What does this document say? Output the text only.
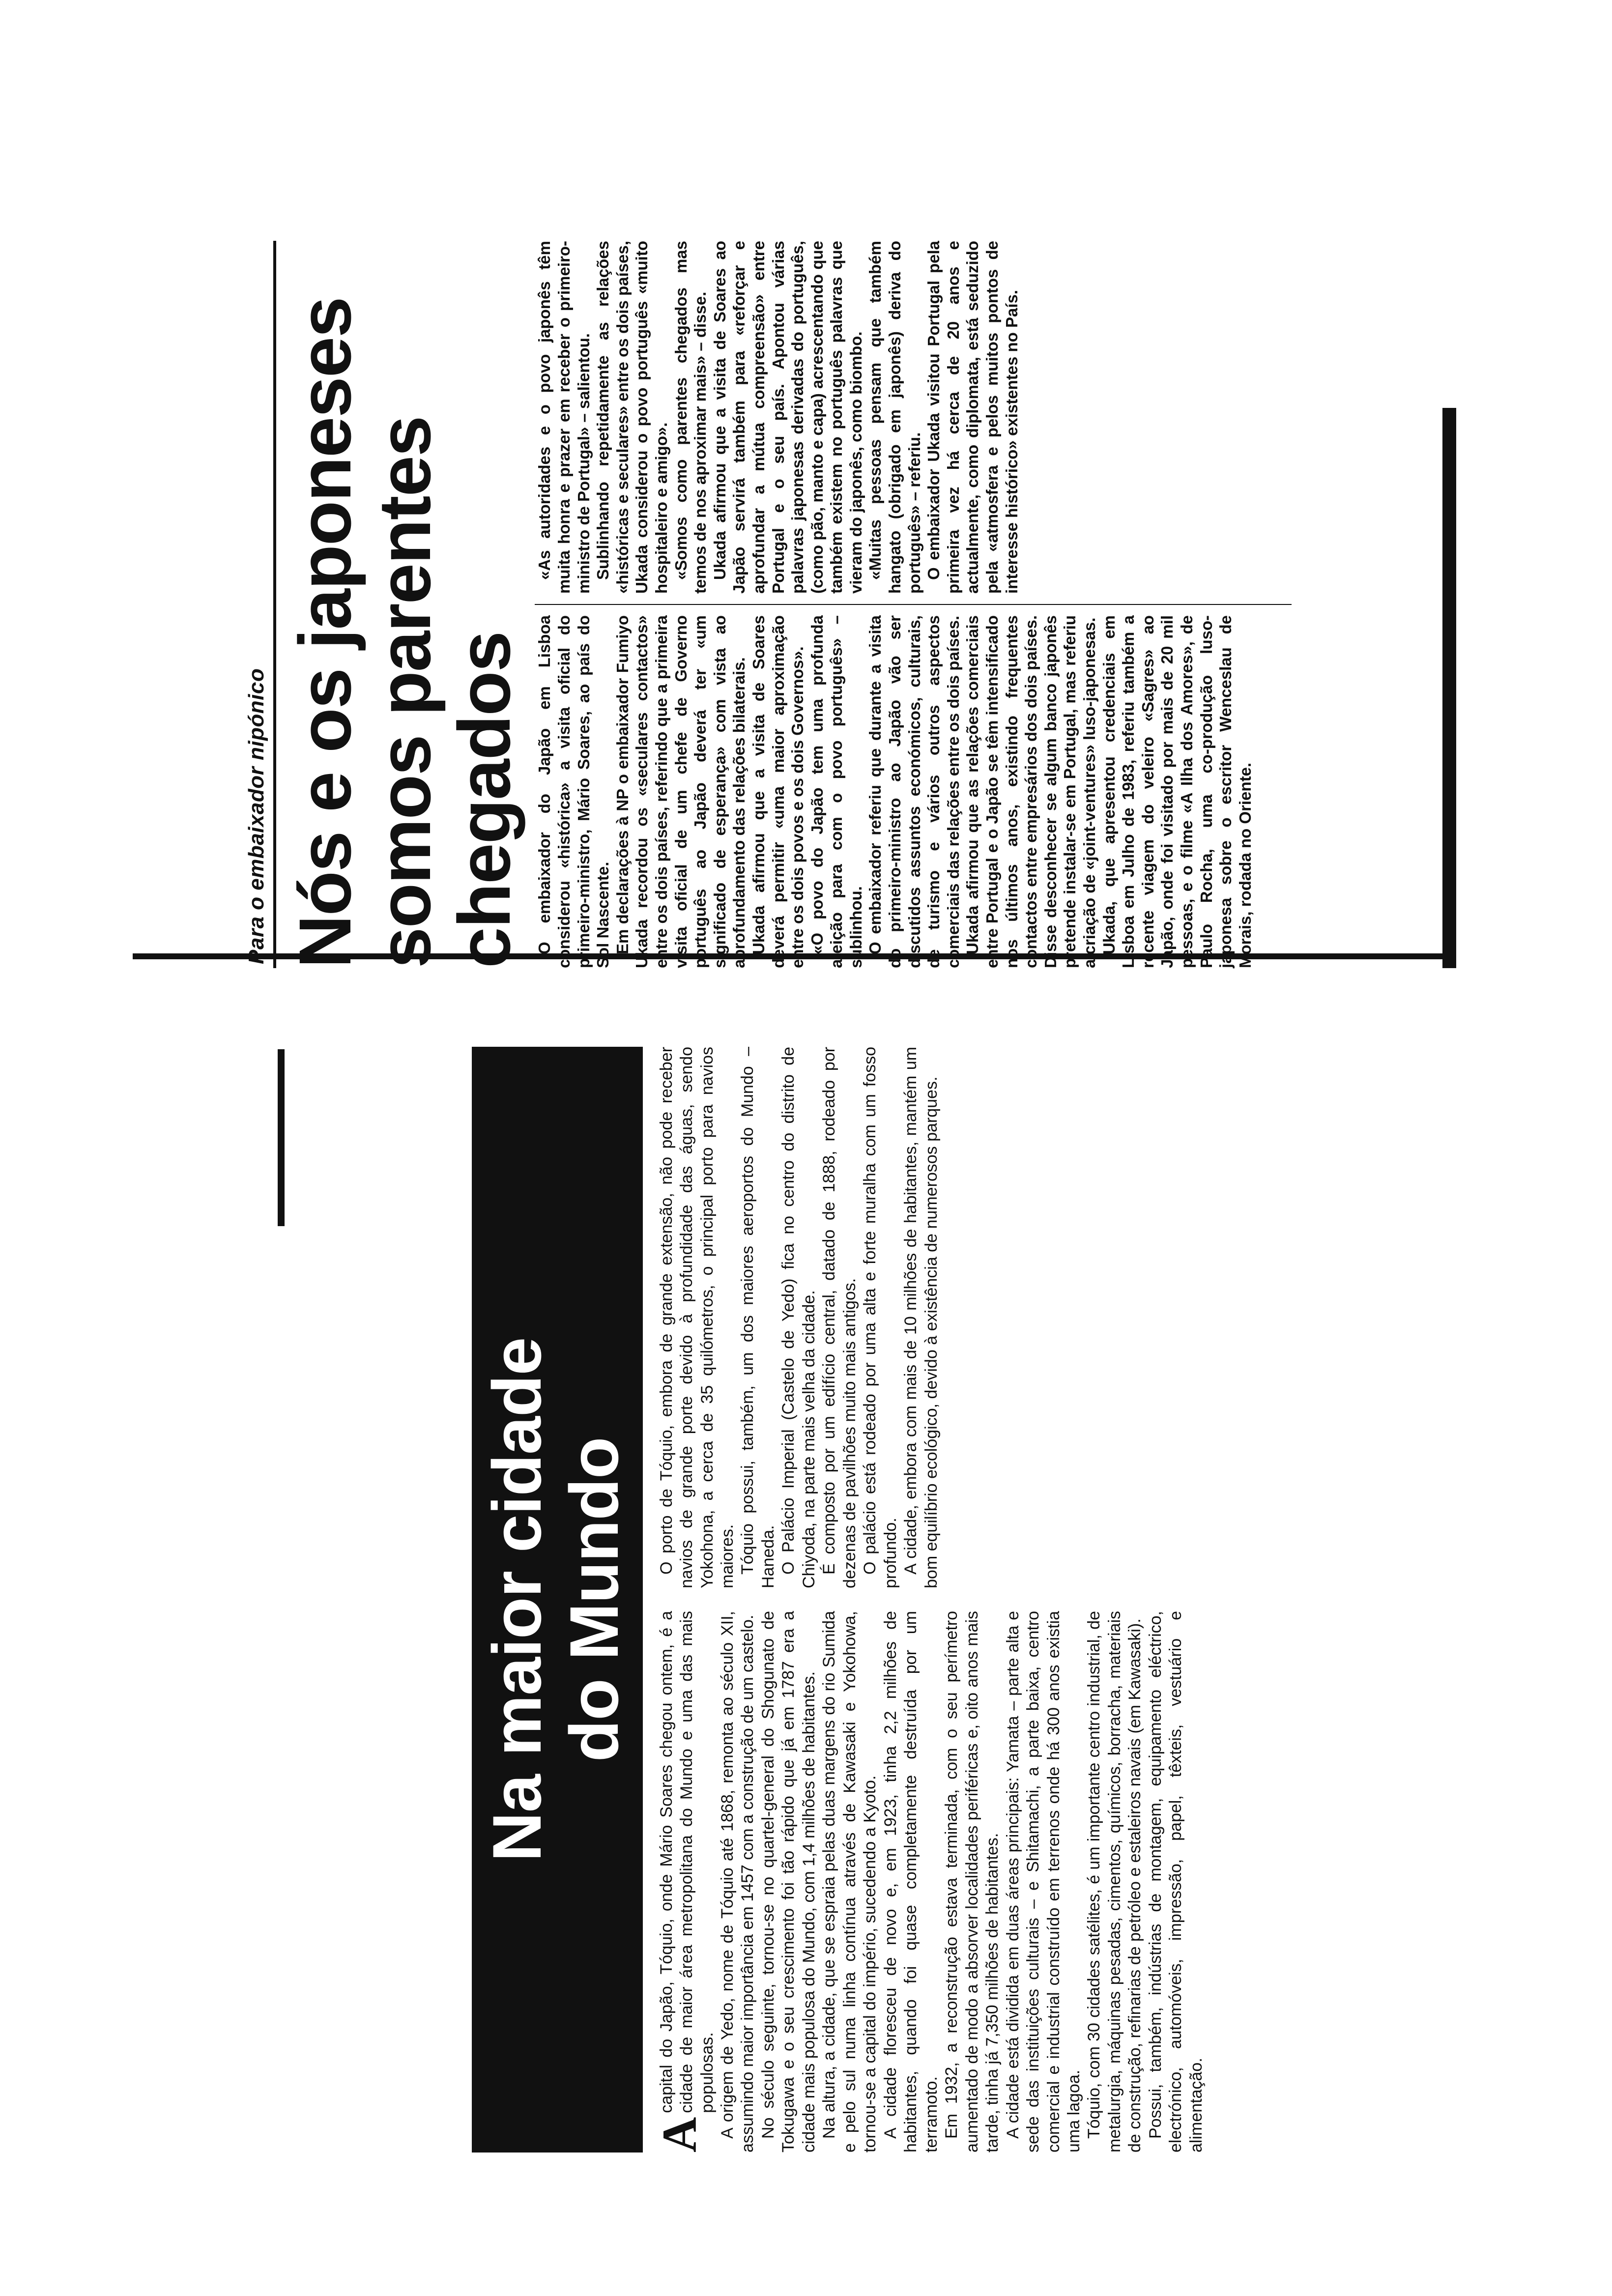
Para o embaixador nipónico Nós e os japoneses somos parentes chegados O embaixador do Japão em Lisboa considerou «histórica» a visita oficial do primeiro-ministro, Mário Soares, ao país do Sol Nascente. Em declarações à NP o embaixador Fumiyo Ukada recordou os «seculares contactos» entre os dois países, referindo que a primeira visita oficial de um chefe de Governo português ao Japão deverá ter «um significado de esperança» com vista ao aprofundamento das relações bilaterais. Ukada afirmou que a visita de Soares deverá permitir «uma maior aproximação entre os dois povos e os dois Governos». «O povo do Japão tem uma profunda afeição para com o povo português» – sublinhou. O embaixador referiu que durante a visita do primeiro-ministro ao Japão vão ser discutidos assuntos económicos, culturais, de turismo e vários outros aspectos comerciais das relações entre os dois países. Ukada afirmou que as relações comerciais entre Portugal e o Japão se têm intensificado nos últimos anos, existindo frequentes contactos entre empresários dos dois países. Disse desconhecer se algum banco japonês pretende instalar-se em Portugal, mas referiu a criação de «joint-ventures» luso-japonesas. Ukada, que apresentou credenciais em Lisboa em Julho de 1983, referiu também a recente viagem do veleiro «Sagres» ao Japão, onde foi visitado por mais de 20 mil pessoas, e o filme «A Ilha dos Amores», de Paulo Rocha, uma co-produção luso-japonesa sobre o escritor Wenceslau de Morais, rodada no Oriente.

«As autoridades e o povo japonês têm muita honra e prazer em receber o primeiro-ministro de Portugal» – salientou. Sublinhando repetidamente as relações «históricas e seculares» entre os dois países, Ukada considerou o povo português «muito hospitaleiro e amigo». «Somos como parentes chegados mas temos de nos aproximar mais» – disse. Ukada afirmou que a visita de Soares ao Japão servirá também para «reforçar e aprofundar a mútua compreensão» entre Portugal e o seu país. Apontou várias palavras japonesas derivadas do português, (como pão, manto e capa) acrescentando que também existem no português palavras que vieram do japonês, como biombo. «Muitas pessoas pensam que também hangato (obrigado em japonês) deriva do português» – referiu. O embaixador Ukada visitou Portugal pela primeira vez há cerca de 20 anos e actualmente, como diplomata, está seduzido pela «atmosfera e pelos muitos pontos de interesse histórico» existentes no País.

Na maior cidade do Mundo

A
capital do Japão, Tóquio, onde Mário Soares chegou ontem, é a cidade de maior área metropolitana do Mundo e uma das mais populosas. A origem de Yedo, nome de Tóquio até 1868, remonta ao século XII, assumindo maior importância em 1457 com a construção de um castelo. No século seguinte, tornou-se no quartel-general do Shogunato de Tokugawa e o seu crescimento foi tão rápido que já em 1787 era a cidade mais populosa do Mundo, com 1,4 milhões de habitantes. Na altura, a cidade, que se espraia pelas duas margens do rio Sumida e pelo sul numa linha contínua através de Kawasaki e Yokohowa, tornou-se a capital do império, sucedendo a Kyoto. A cidade floresceu de novo e, em 1923, tinha 2,2 milhões de habitantes, quando foi quase completamente destruída por um terramoto. Em 1932, a reconstrução estava terminada, com o seu perímetro aumentado de modo a absorver localidades periféricas e, oito anos mais tarde, tinha já 7,350 milhões de habitantes. A cidade está dividida em duas áreas principais: Yamata – parte alta e sede das instituições culturais – e Shitamachi, a parte baixa, centro comercial e industrial construído em terrenos onde há 300 anos existia uma lagoa. Tóquio, com 30 cidades satélites, é um importante centro industrial, de metalurgia, máquinas pesadas, cimentos, químicos, borracha, materiais de construção, refinarias de petróleo e estaleiros navais (em Kawasaki). Possui, também, indústrias de montagem, equipamento eléctrico, electrónico, automóveis, impressão, papel, têxteis, vestuário e alimentação.

O porto de Tóquio, embora de grande extensão, não pode receber navios de grande porte devido à profundidade das águas, sendo Yokohona, a cerca de 35 quilómetros, o principal porto para navios maiores. Tóquio possui, também, um dos maiores aeroportos do Mundo – Haneda. O Palácio Imperial (Castelo de Yedo) fica no centro do distrito de Chiyoda, na parte mais velha da cidade. É composto por um edifício central, datado de 1888, rodeado por dezenas de pavilhões muito mais antigos. O palácio está rodeado por uma alta e forte muralha com um fosso profundo. A cidade, embora com mais de 10 milhões de habitantes, mantém um bom equilíbrio ecológico, devido à existência de numerosos parques.
